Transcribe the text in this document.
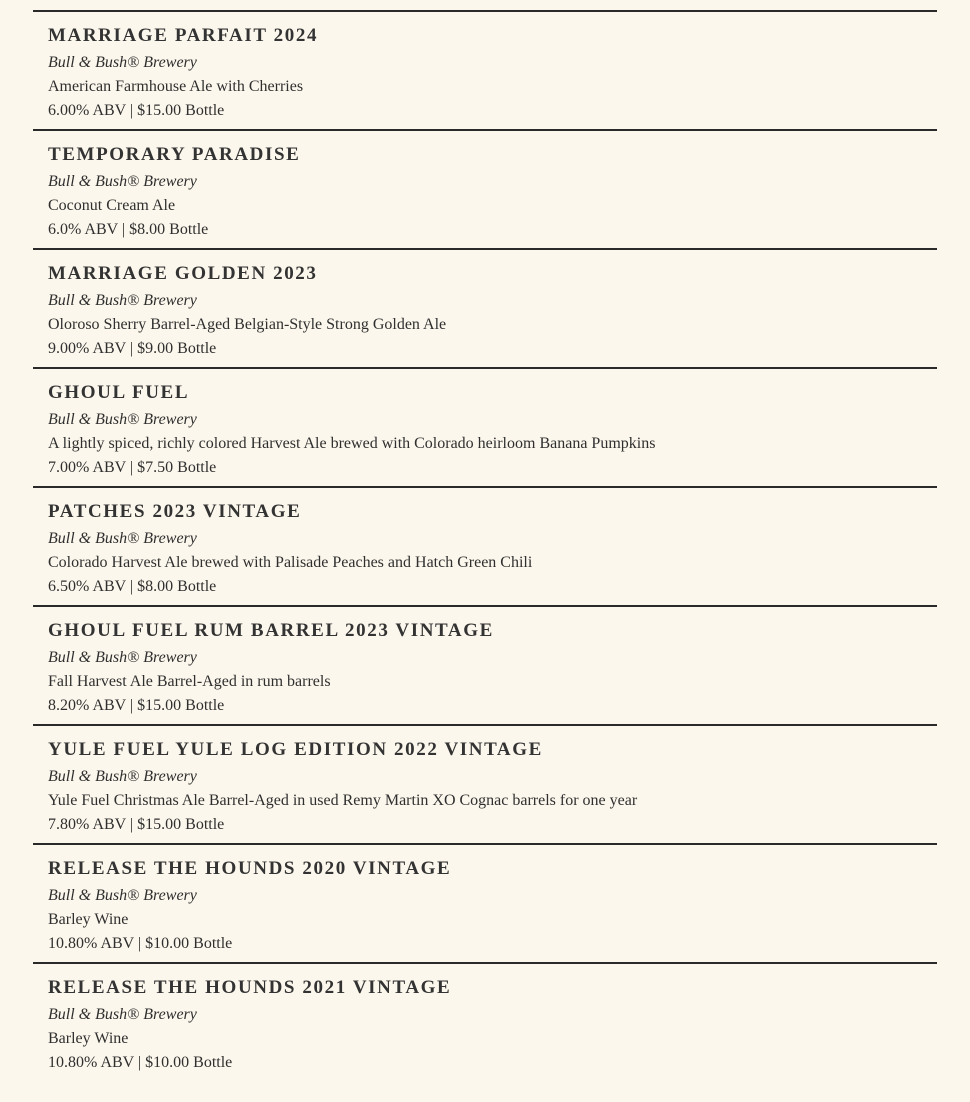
MARRIAGE PARFAIT 2024
Bull & Bush® Brewery
American Farmhouse Ale with Cherries
6.00% ABV | $15.00 Bottle
TEMPORARY PARADISE
Bull & Bush® Brewery
Coconut Cream Ale
6.0% ABV | $8.00 Bottle
MARRIAGE GOLDEN 2023
Bull & Bush® Brewery
Oloroso Sherry Barrel-Aged Belgian-Style Strong Golden Ale
9.00% ABV | $9.00 Bottle
GHOUL FUEL
Bull & Bush® Brewery
A lightly spiced, richly colored Harvest Ale brewed with Colorado heirloom Banana Pumpkins
7.00% ABV | $7.50 Bottle
PATCHES 2023 VINTAGE
Bull & Bush® Brewery
Colorado Harvest Ale brewed with Palisade Peaches and Hatch Green Chili
6.50% ABV | $8.00 Bottle
GHOUL FUEL RUM BARREL 2023 VINTAGE
Bull & Bush® Brewery
Fall Harvest Ale Barrel-Aged in rum barrels
8.20% ABV | $15.00 Bottle
YULE FUEL YULE LOG EDITION 2022 VINTAGE
Bull & Bush® Brewery
Yule Fuel Christmas Ale Barrel-Aged in used Remy Martin XO Cognac barrels for one year
7.80% ABV | $15.00 Bottle
RELEASE THE HOUNDS 2020 VINTAGE
Bull & Bush® Brewery
Barley Wine
10.80% ABV | $10.00 Bottle
RELEASE THE HOUNDS 2021 VINTAGE
Bull & Bush® Brewery
Barley Wine
10.80% ABV | $10.00 Bottle
